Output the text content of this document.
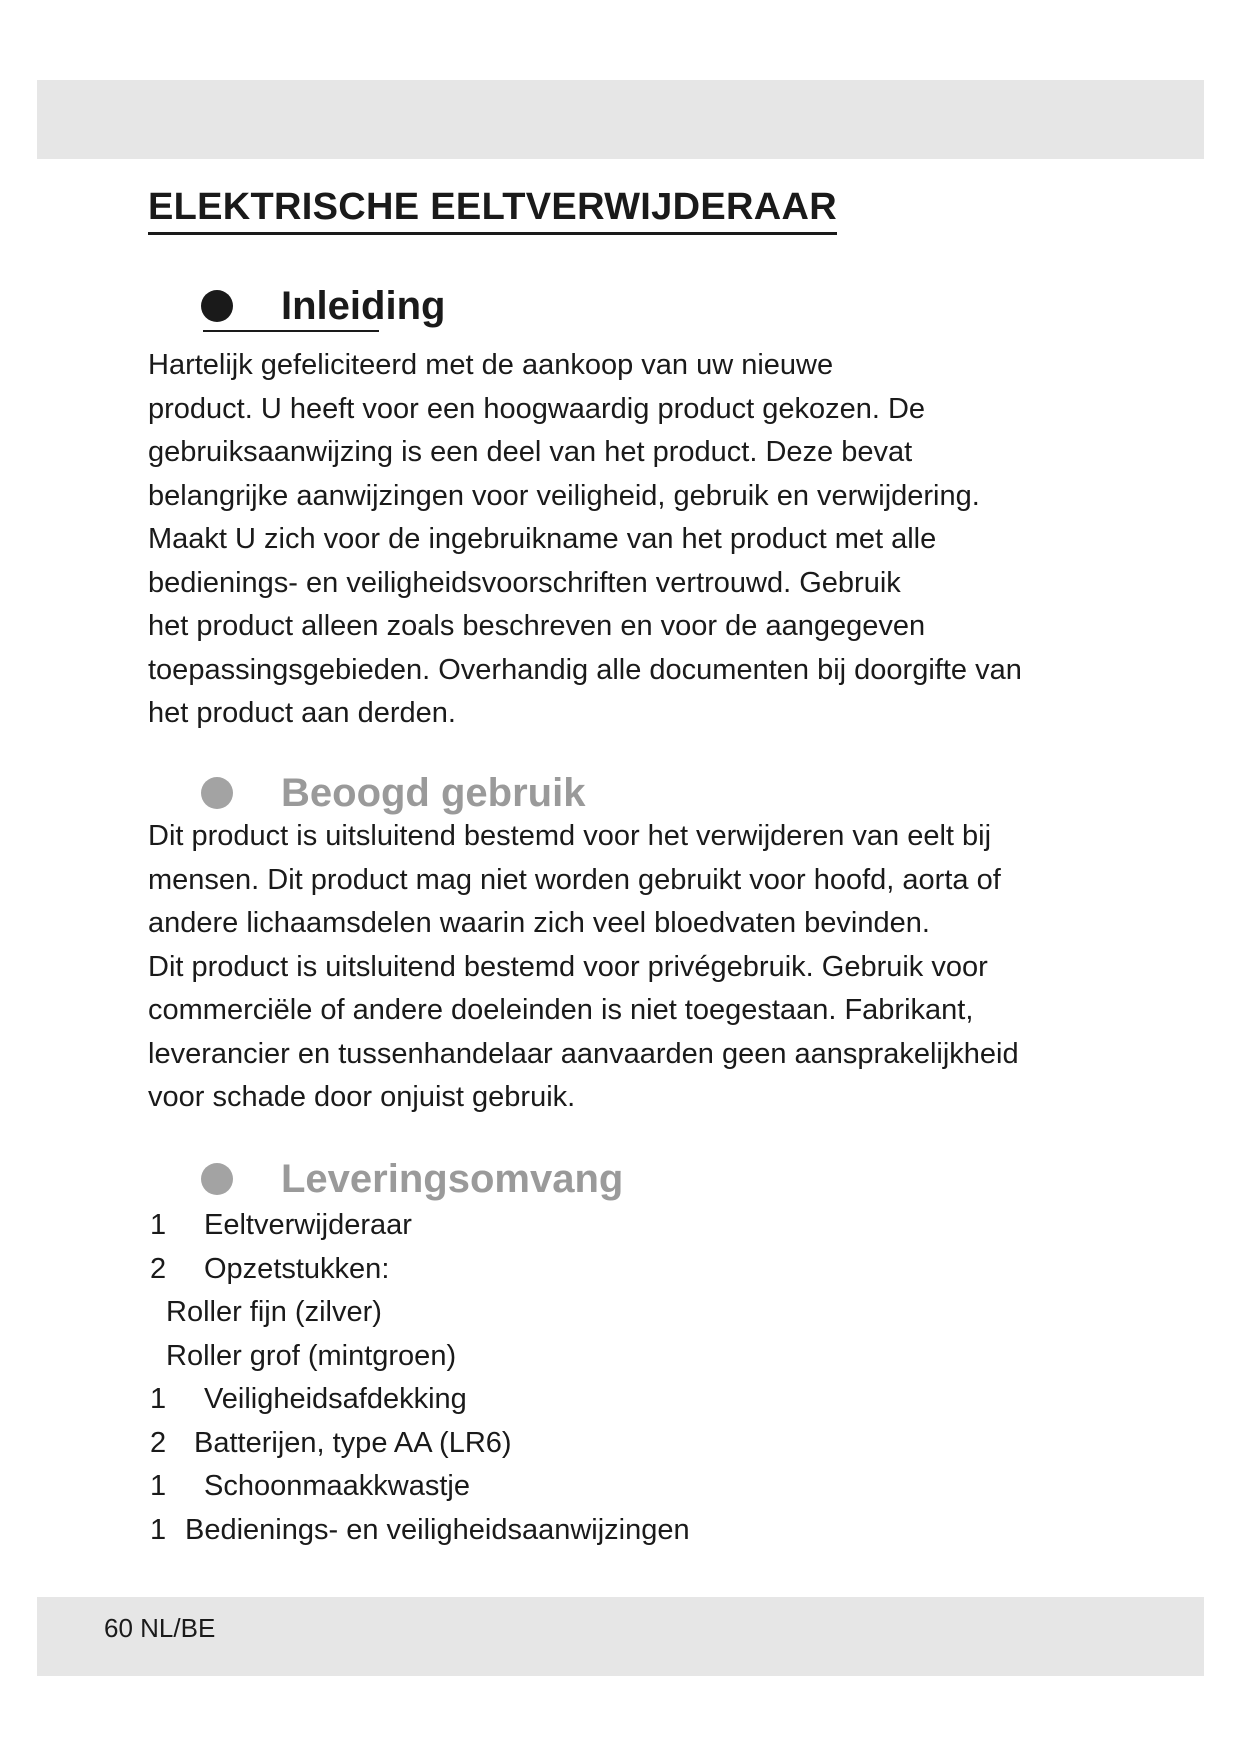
ELEKTRISCHE EELTVERWIJDERAAR
Inleiding
Hartelijk gefeliciteerd met de aankoop van uw nieuwe
product. U heeft voor een hoogwaardig product gekozen. De
gebruiksaanwijzing is een deel van het product. Deze bevat
belangrijke aanwijzingen voor veiligheid, gebruik en verwijdering.
Maakt U zich voor de ingebruikname van het product met alle
bedienings- en veiligheidsvoorschriften vertrouwd. Gebruik
het product alleen zoals beschreven en voor de aangegeven
toepassingsgebieden. Overhandig alle documenten bij doorgifte van
het product aan derden.
Beoogd gebruik
Dit product is uitsluitend bestemd voor het verwijderen van eelt bij
mensen. Dit product mag niet worden gebruikt voor hoofd, aorta of
andere lichaamsdelen waarin zich veel bloedvaten bevinden.
Dit product is uitsluitend bestemd voor privégebruik. Gebruik voor
commerciële of andere doeleinden is niet toegestaan. Fabrikant,
leverancier en tussenhandelaar aanvaarden geen aansprakelijkheid
voor schade door onjuist gebruik.
Leveringsomvang
1 Eeltverwijderaar
2 Opzetstukken:
Roller fijn (zilver)
Roller grof (mintgroen)
1 Veiligheidsafdekking
2 Batterijen, type AA (LR6)
1 Schoonmaakkwastje
1 Bedienings- en veiligheidsaanwijzingen
60 NL/BE
